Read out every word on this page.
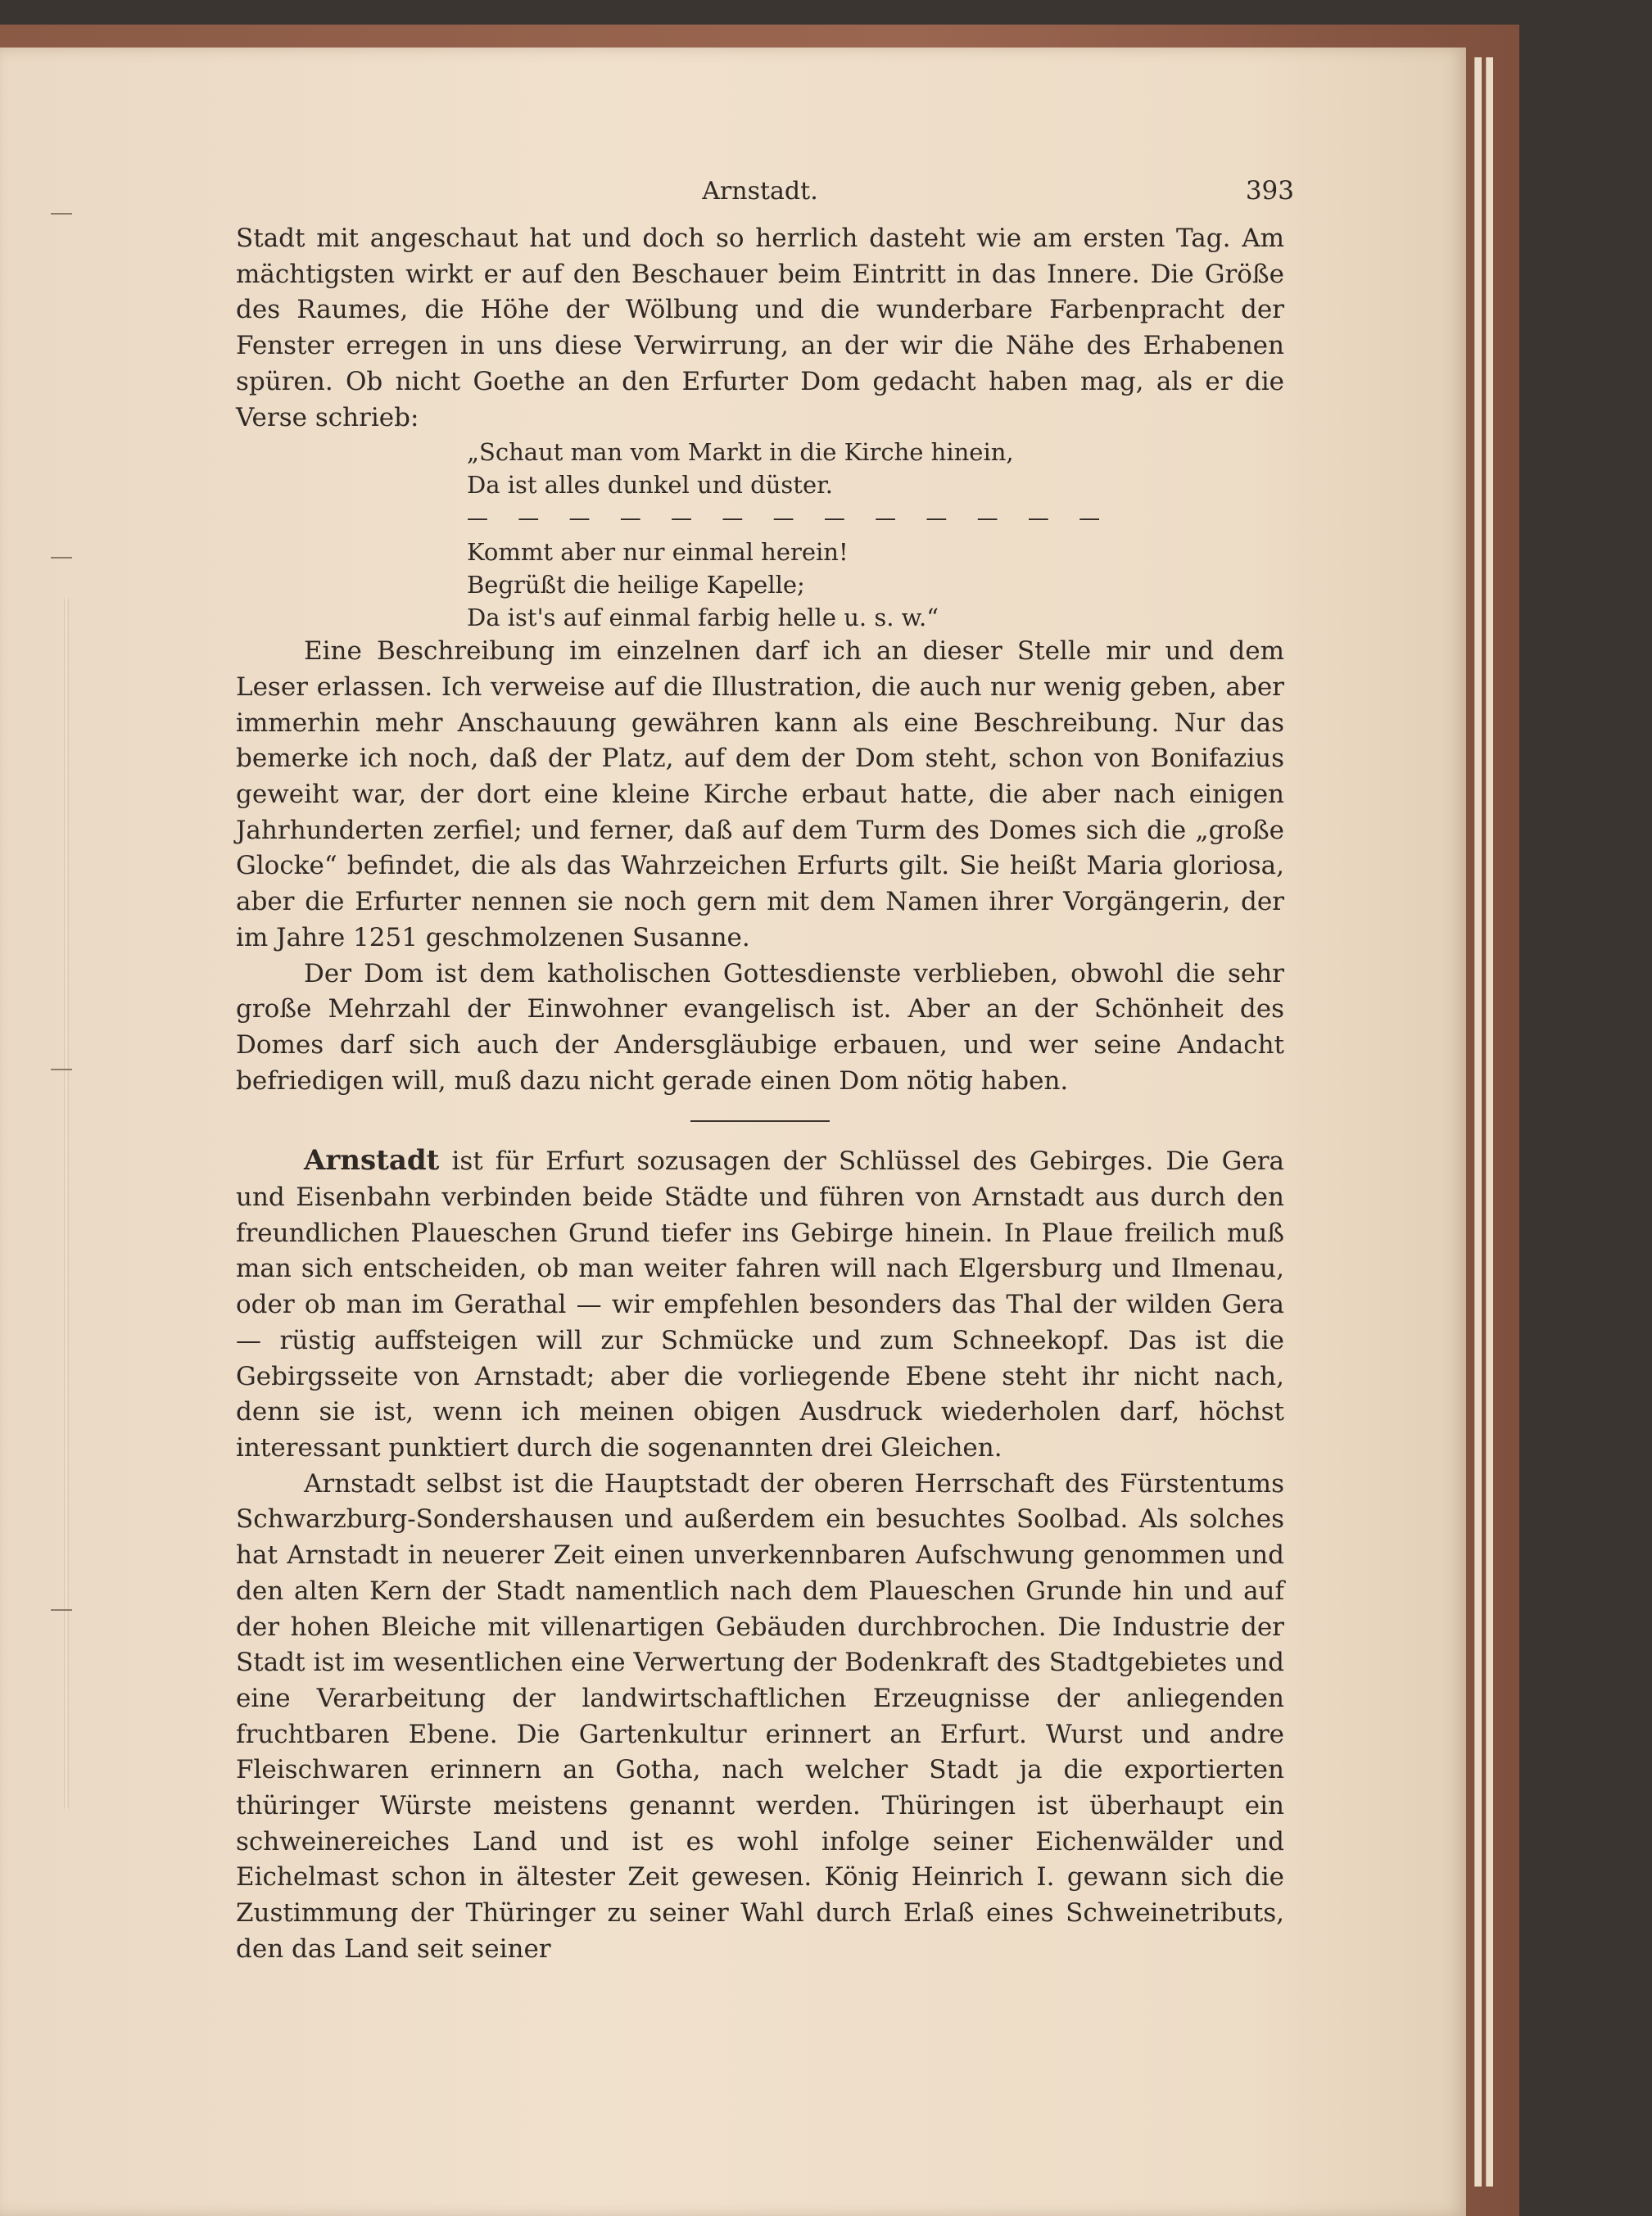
Arnstadt.	393

Stadt mit angeschaut hat und doch so herrlich dasteht wie am ersten Tag. Am mächtigsten wirkt er auf den Beschauer beim Eintritt in das Innere. Die Größe des Raumes, die Höhe der Wölbung und die wunderbare Farbenpracht der Fenster erregen in uns diese Verwirrung, an der wir die Nähe des Erhabenen spüren. Ob nicht Goethe an den Erfurter Dom gedacht haben mag, als er die Verse schrieb:

„Schaut man vom Markt in die Kirche hinein,
Da ist alles dunkel und düster.
— — — — — — — — — — — — —
Kommt aber nur einmal herein!
Begrüßt die heilige Kapelle;
Da ist's auf einmal farbig helle u. s. w.“

Eine Beschreibung im einzelnen darf ich an dieser Stelle mir und dem Leser erlassen. Ich verweise auf die Illustration, die auch nur wenig geben, aber immerhin mehr Anschauung gewähren kann als eine Beschreibung. Nur das bemerke ich noch, daß der Platz, auf dem der Dom steht, schon von Bonifazius geweiht war, der dort eine kleine Kirche erbaut hatte, die aber nach einigen Jahrhunderten zerfiel; und ferner, daß auf dem Turm des Domes sich die „große Glocke“ befindet, die als das Wahrzeichen Erfurts gilt. Sie heißt Maria gloriosa, aber die Erfurter nennen sie noch gern mit dem Namen ihrer Vorgängerin, der im Jahre 1251 geschmolzenen Susanne.

Der Dom ist dem katholischen Gottesdienste verblieben, obwohl die sehr große Mehrzahl der Einwohner evangelisch ist. Aber an der Schönheit des Domes darf sich auch der Andersgläubige erbauen, und wer seine Andacht befriedigen will, muß dazu nicht gerade einen Dom nötig haben.

Arnstadt ist für Erfurt sozusagen der Schlüssel des Gebirges. Die Gera und Eisenbahn verbinden beide Städte und führen von Arnstadt aus durch den freundlichen Plaueschen Grund tiefer ins Gebirge hinein. In Plaue freilich muß man sich entscheiden, ob man weiter fahren will nach Elgersburg und Ilmenau, oder ob man im Gerathal — wir empfehlen besonders das Thal der wilden Gera — rüstig auffsteigen will zur Schmücke und zum Schneekopf. Das ist die Gebirgsseite von Arnstadt; aber die vorliegende Ebene steht ihr nicht nach, denn sie ist, wenn ich meinen obigen Ausdruck wiederholen darf, höchst interessant punktiert durch die sogenannten drei Gleichen.

Arnstadt selbst ist die Hauptstadt der oberen Herrschaft des Fürstentums Schwarzburg-Sondershausen und außerdem ein besuchtes Soolbad. Als solches hat Arnstadt in neuerer Zeit einen unverkennbaren Aufschwung genommen und den alten Kern der Stadt namentlich nach dem Plaueschen Grunde hin und auf der hohen Bleiche mit villenartigen Gebäuden durchbrochen. Die Industrie der Stadt ist im wesentlichen eine Verwertung der Bodenkraft des Stadtgebietes und eine Verarbeitung der landwirtschaftlichen Erzeugnisse der anliegenden fruchtbaren Ebene. Die Gartenkultur erinnert an Erfurt. Wurst und andre Fleischwaren erinnern an Gotha, nach welcher Stadt ja die exportierten thüringer Würste meistens genannt werden. Thüringen ist überhaupt ein schweinereiches Land und ist es wohl infolge seiner Eichenwälder und Eichelmast schon in ältester Zeit gewesen. König Heinrich I. gewann sich die Zustimmung der Thüringer zu seiner Wahl durch Erlaß eines Schweinetributs, den das Land seit seiner
